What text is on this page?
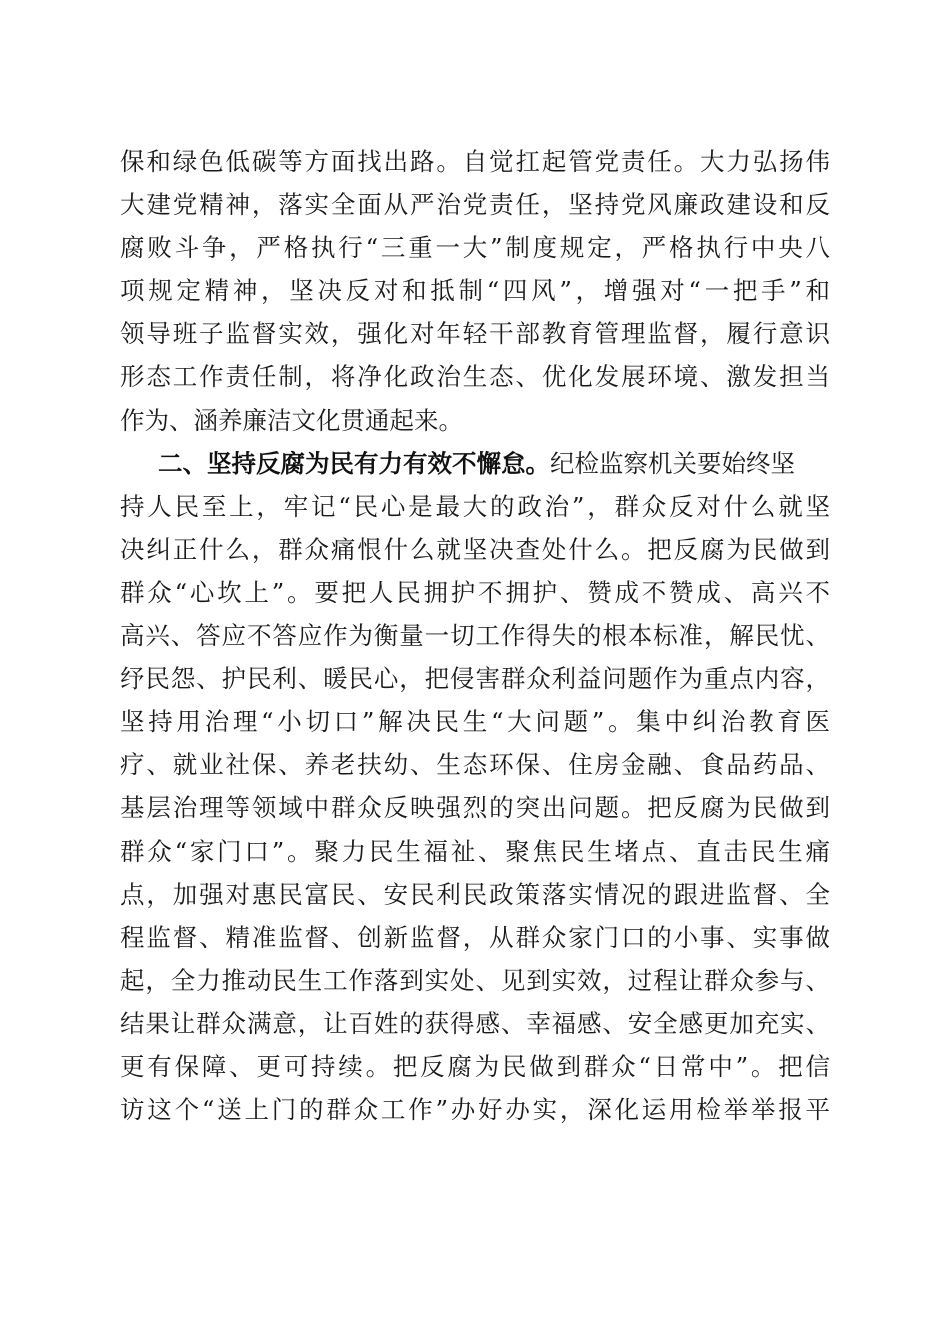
保和绿色低碳等方面找出路。自觉扛起管党责任。大力弘扬伟
大建党精神，落实全面从严治党责任，坚持党风廉政建设和反
腐败斗争，严格执行“三重一大”制度规定，严格执行中央八
项规定精神，坚决反对和抵制“四风”，增强对“一把手”和
领导班子监督实效，强化对年轻干部教育管理监督，履行意识
形态工作责任制，将净化政治生态、优化发展环境、激发担当
作为、涵养廉洁文化贯通起来。
二、坚持反腐为民有力有效不懈怠。纪检监察机关要始终坚
持人民至上，牢记“民心是最大的政治”，群众反对什么就坚
决纠正什么，群众痛恨什么就坚决查处什么。把反腐为民做到
群众“心坎上”。要把人民拥护不拥护、赞成不赞成、高兴不
高兴、答应不答应作为衡量一切工作得失的根本标准，解民忧、
纾民怨、护民利、暖民心，把侵害群众利益问题作为重点内容，
坚持用治理“小切口”解决民生“大问题”。集中纠治教育医
疗、就业社保、养老扶幼、生态环保、住房金融、食品药品、
基层治理等领域中群众反映强烈的突出问题。把反腐为民做到
群众“家门口”。聚力民生福祉、聚焦民生堵点、直击民生痛
点，加强对惠民富民、安民利民政策落实情况的跟进监督、全
程监督、精准监督、创新监督，从群众家门口的小事、实事做
起，全力推动民生工作落到实处、见到实效，过程让群众参与、
结果让群众满意，让百姓的获得感、幸福感、安全感更加充实、
更有保障、更可持续。把反腐为民做到群众“日常中”。把信
访这个“送上门的群众工作”办好办实，深化运用检举举报平
